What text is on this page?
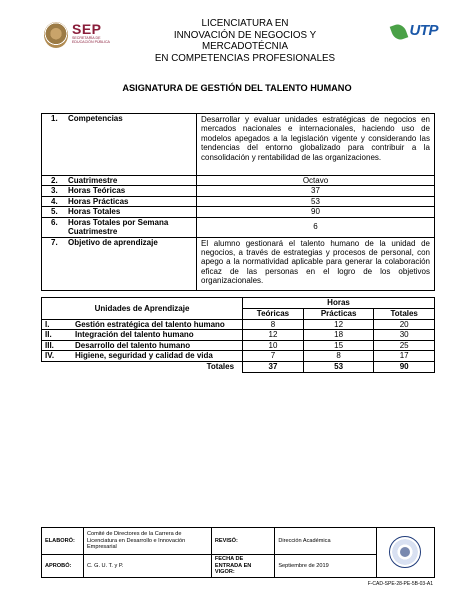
SEP
SECRETARÍA DE EDUCACIÓN PÚBLICA
LICENCIATURA EN
INNOVACIÓN DE NEGOCIOS Y MERCADOTÉCNIA
EN COMPETENCIAS PROFESIONALES
UTP
ASIGNATURA DE GESTIÓN DEL TALENTO HUMANO
1. Competencias	Desarrollar y evaluar unidades estratégicas de negocios en mercados nacionales e internacionales, haciendo uso de modelos apegados a la legislación vigente y considerando las tendencias del entorno globalizado para contribuir a la consolidación y rentabilidad de las organizaciones.
2. Cuatrimestre	Octavo
3. Horas Teóricas	37
4. Horas Prácticas	53
5. Horas Totales	90
6. Horas Totales por Semana Cuatrimestre	6
7. Objetivo de aprendizaje	El alumno gestionará el talento humano de la unidad de negocios, a través de estrategias y procesos de personal, con apego a la normatividad aplicable para generar la colaboración eficaz de las personas en el logro de los objetivos organizacionales.
Unidades de Aprendizaje	Horas		
	Teóricas	Prácticas	Totales
I. Gestión estratégica del talento humano	8	12	20
II. Integración del talento humano	12	18	30
III. Desarrollo del talento humano	10	15	25
IV. Higiene, seguridad y calidad de vida	7	8	17
Totales	37	53	90
ELABORÓ:	Comité de Directores de la Carrera de Licenciatura en Desarrollo e Innovación Empresarial	REVISÓ:	Dirección Académica	

APROBÓ:	C. G. U. T. y P.	FECHA DE ENTRADA EN VIGOR:	Septiembre de 2019	
F-CAD-SPE-28-PE-5B-03-A1
